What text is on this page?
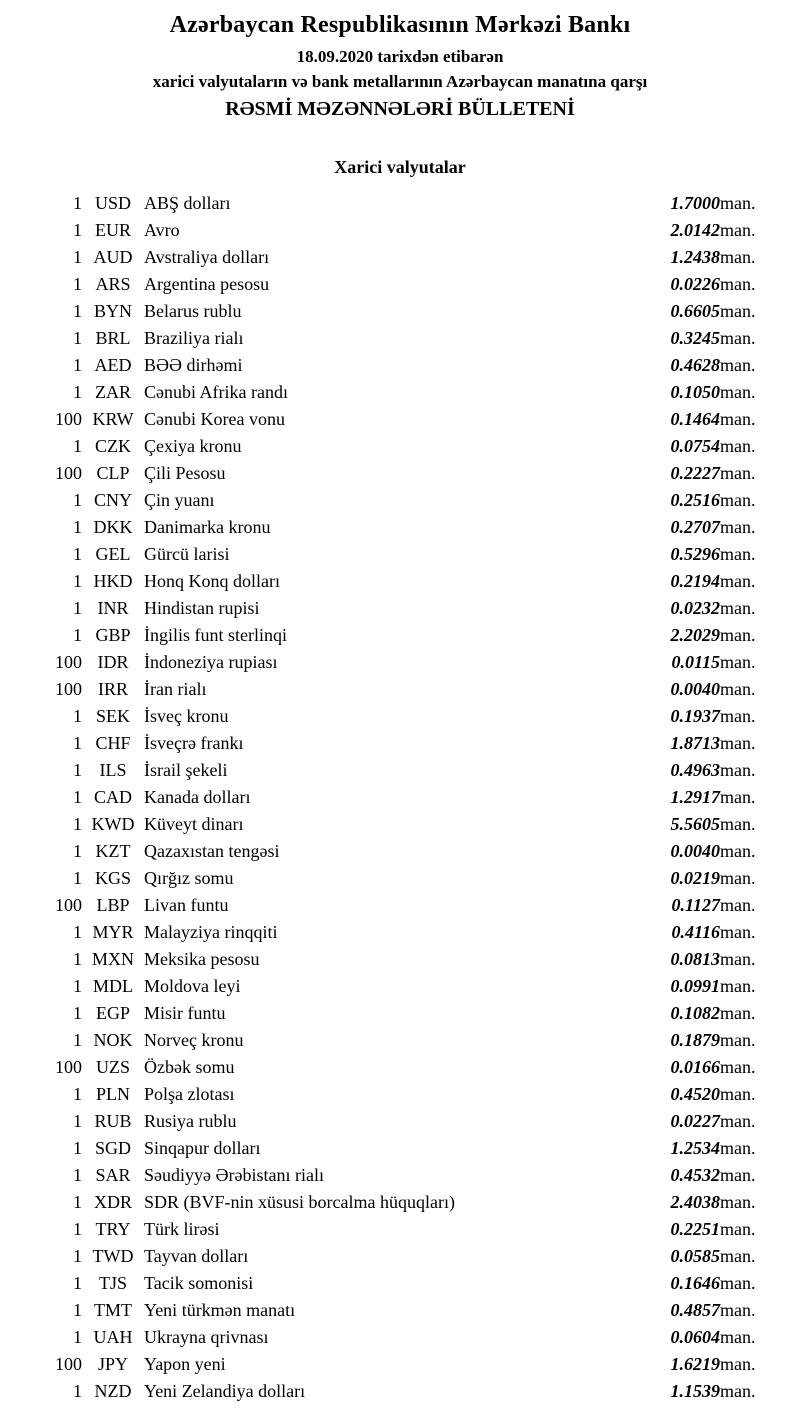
Azərbaycan Respublikasının Mərkəzi Bankı
18.09.2020 tarixdən etibarən
xarici valyutaların və bank metallarının Azərbaycan manatına qarşı
RƏSMİ MƏZƏNNƏLƏRİ BÜLLETENİ
Xarici valyutalar
1	USD	ABŞ dolları	1.7000	man.
1	EUR	Avro	2.0142	man.
1	AUD	Avstraliya dolları	1.2438	man.
1	ARS	Argentina pesosu	0.0226	man.
1	BYN	Belarus rublu	0.6605	man.
1	BRL	Braziliya rialı	0.3245	man.
1	AED	BƏƏ dirhəmi	0.4628	man.
1	ZAR	Cənubi Afrika randı	0.1050	man.
100	KRW	Cənubi Korea vonu	0.1464	man.
1	CZK	Çexiya kronu	0.0754	man.
100	CLP	Çili Pesosu	0.2227	man.
1	CNY	Çin yuanı	0.2516	man.
1	DKK	Danimarka kronu	0.2707	man.
1	GEL	Gürcü larisi	0.5296	man.
1	HKD	Honq Konq dolları	0.2194	man.
1	INR	Hindistan rupisi	0.0232	man.
1	GBP	İngilis funt sterlinqi	2.2029	man.
100	IDR	İndoneziya rupiası	0.0115	man.
100	IRR	İran rialı	0.0040	man.
1	SEK	İsveç kronu	0.1937	man.
1	CHF	İsveçrə frankı	1.8713	man.
1	ILS	İsrail şekeli	0.4963	man.
1	CAD	Kanada dolları	1.2917	man.
1	KWD	Küveyt dinarı	5.5605	man.
1	KZT	Qazaxıstan tengəsi	0.0040	man.
1	KGS	Qırğız somu	0.0219	man.
100	LBP	Livan funtu	0.1127	man.
1	MYR	Malayziya rinqqiti	0.4116	man.
1	MXN	Meksika pesosu	0.0813	man.
1	MDL	Moldova leyi	0.0991	man.
1	EGP	Misir funtu	0.1082	man.
1	NOK	Norveç kronu	0.1879	man.
100	UZS	Özbək somu	0.0166	man.
1	PLN	Polşa zlotası	0.4520	man.
1	RUB	Rusiya rublu	0.0227	man.
1	SGD	Sinqapur dolları	1.2534	man.
1	SAR	Səudiyyə Ərəbistanı rialı	0.4532	man.
1	XDR	SDR (BVF-nin xüsusi borcalma hüquqları)	2.4038	man.
1	TRY	Türk lirəsi	0.2251	man.
1	TWD	Tayvan dolları	0.0585	man.
1	TJS	Tacik somonisi	0.1646	man.
1	TMT	Yeni türkmən manatı	0.4857	man.
1	UAH	Ukrayna qrivnası	0.0604	man.
100	JPY	Yapon yeni	1.6219	man.
1	NZD	Yeni Zelandiya dolları	1.1539	man.
